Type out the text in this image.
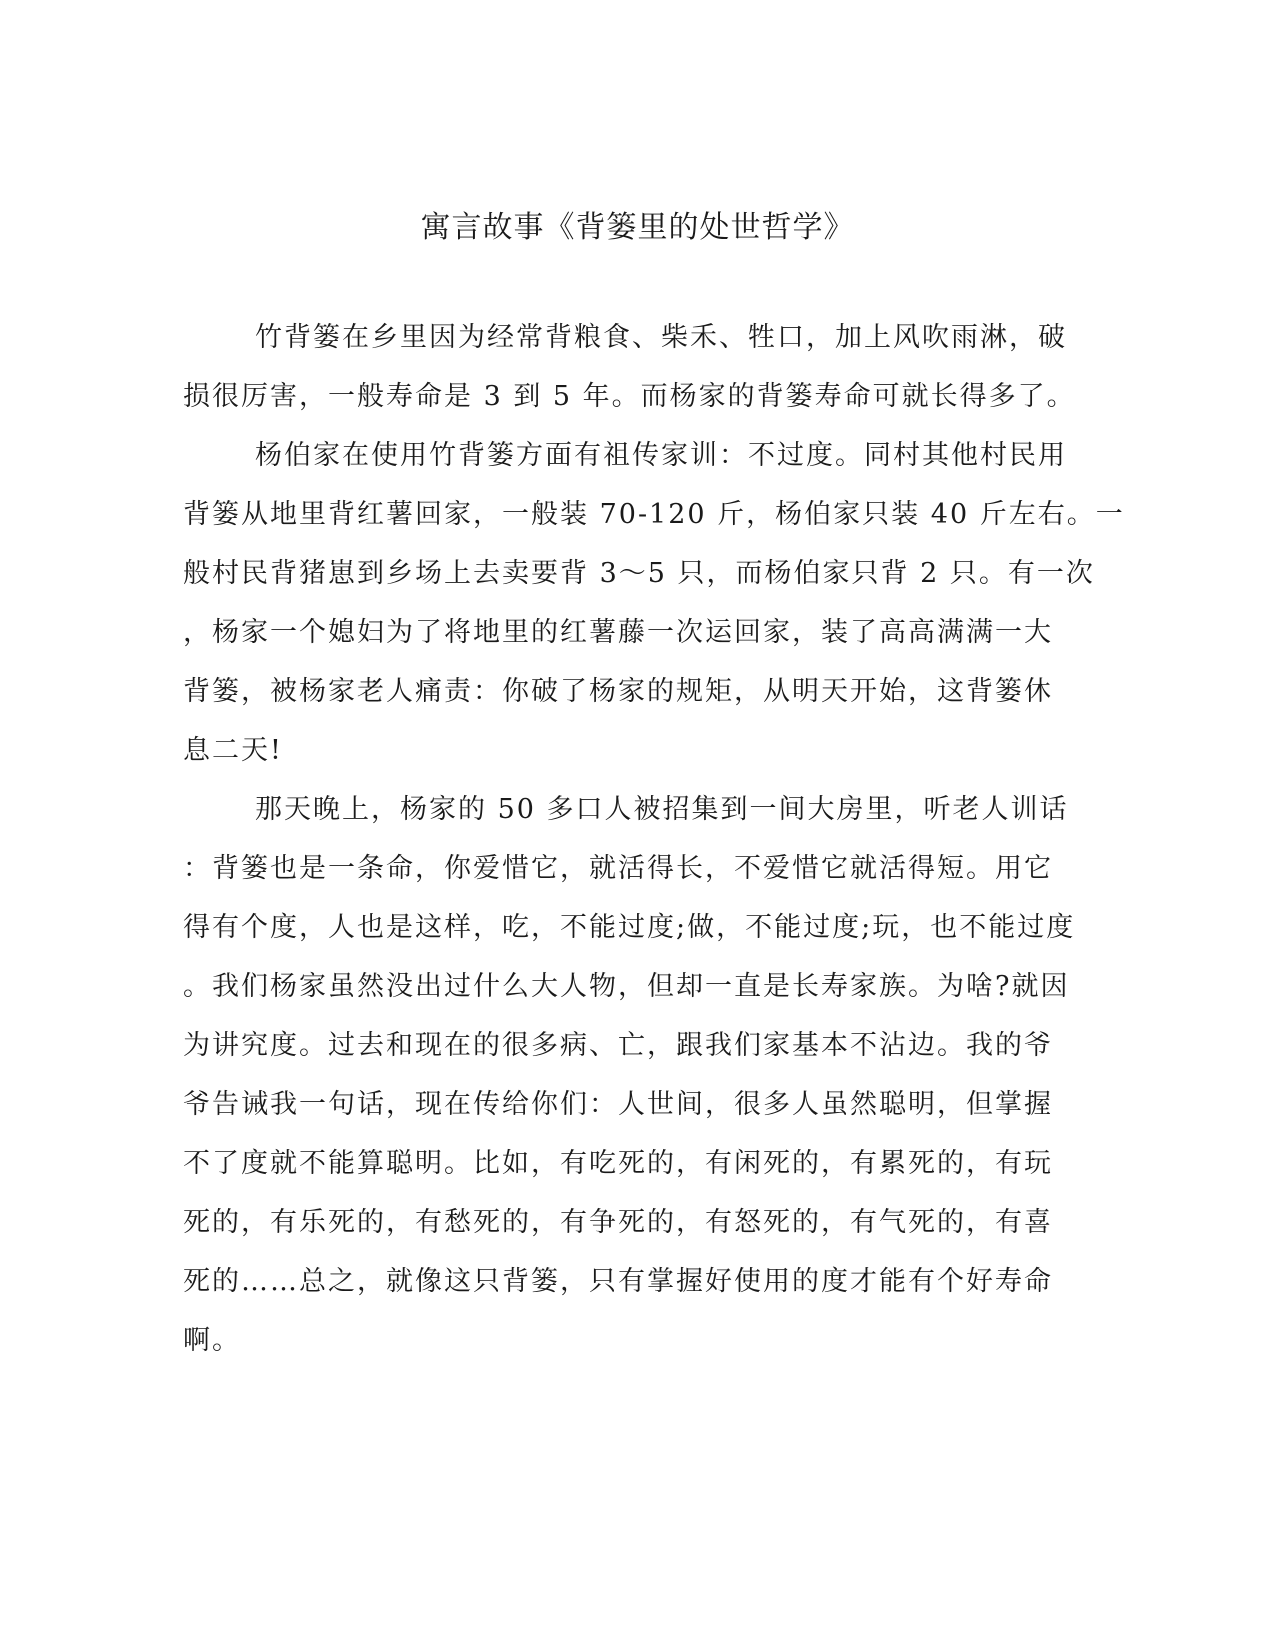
寓言故事《背篓里的处世哲学》
竹背篓在乡里因为经常背粮食、柴禾、牲口，加上风吹雨淋，破
损很厉害，一般寿命是 3 到 5 年。而杨家的背篓寿命可就长得多了。
杨伯家在使用竹背篓方面有祖传家训：不过度。同村其他村民用
背篓从地里背红薯回家，一般装 70-120 斤，杨伯家只装 40 斤左右。一
般村民背猪崽到乡场上去卖要背 3～5 只，而杨伯家只背 2 只。有一次
，杨家一个媳妇为了将地里的红薯藤一次运回家，装了高高满满一大
背篓，被杨家老人痛责：你破了杨家的规矩，从明天开始，这背篓休
息二天!
那天晚上，杨家的 50 多口人被招集到一间大房里，听老人训话
：背篓也是一条命，你爱惜它，就活得长，不爱惜它就活得短。用它
得有个度，人也是这样，吃，不能过度;做，不能过度;玩，也不能过度
。我们杨家虽然没出过什么大人物，但却一直是长寿家族。为啥?就因
为讲究度。过去和现在的很多病、亡，跟我们家基本不沾边。我的爷
爷告诫我一句话，现在传给你们：人世间，很多人虽然聪明，但掌握
不了度就不能算聪明。比如，有吃死的，有闲死的，有累死的，有玩
死的，有乐死的，有愁死的，有争死的，有怒死的，有气死的，有喜
死的……总之，就像这只背篓，只有掌握好使用的度才能有个好寿命
啊。
